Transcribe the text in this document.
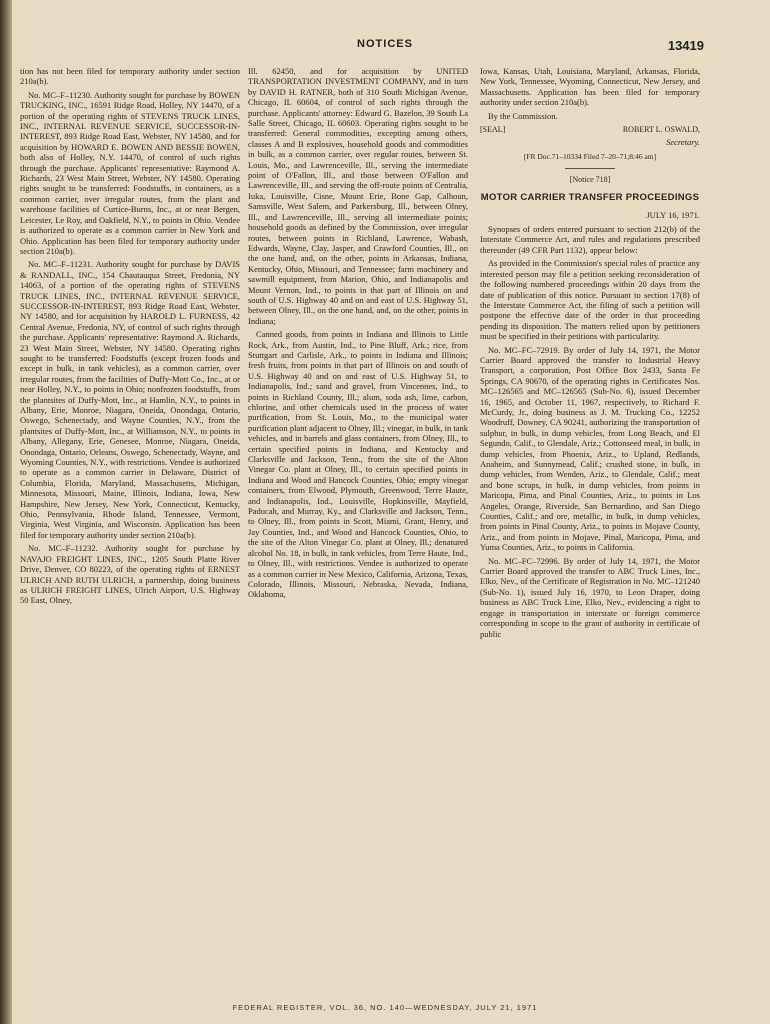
NOTICES	13419

tion has not been filed for temporary authority under section 210a(b).

No. MC–F–11230. Authority sought for purchase by BOWEN TRUCKING, INC., 16591 Ridge Road, Holley, NY 14470, of a portion of the operating rights of STEVENS TRUCK LINES, INC., INTERNAL REVENUE SERVICE, SUCCESSOR-IN-INTEREST, 893 Ridge Road East, Webster, NY 14580, and for acquisition by HOWARD E. BOWEN AND BESSIE BOWEN, both also of Holley, N.Y. 14470, of control of such rights through the purchase. Applicants' representative: Raymond A. Richards, 23 West Main Street, Webster, NY 14580. Operating rights sought to be transferred: Foodstuffs, in containers, as a common carrier, over irregular routes, from the plant and warehouse facilities of Curtice-Burns, Inc., at or near Bergen, Leicester, Le Roy, and Oakfield, N.Y., to points in Ohio. Vendee is authorized to operate as a common carrier in New York and Ohio. Application has been filed for temporary authority under section 210a(b).

No. MC–F–11231. Authority sought for purchase by DAVIS & RANDALL, INC., 154 Chautauqua Street, Fredonia, NY 14063, of a portion of the operating rights of STEVENS TRUCK LINES, INC., INTERNAL REVENUE SERVICE, SUCCESSOR-IN-INTEREST, 893 Ridge Road East, Webster, NY 14580, and for acquisition by HAROLD L. FURNESS, 42 Central Avenue, Fredonia, NY, of control of such rights through the purchase. Applicants' representative: Raymond A. Richards, 23 West Main Street, Webster, NY 14580. Operating rights sought to be transferred: Foodstuffs (except frozen foods and except in bulk, in tank vehicles), as a common carrier, over irregular routes, from the facilities of Duffy-Mott Co., Inc., at or near Holley, N.Y., to points in Ohio; nonfrozen foodstuffs, from the plantsites of Duffy-Mott, Inc., at Hamlin, N.Y., to points in Albany, Erie, Monroe, Niagara, Oneida, Onondaga, Ontario, Oswego, Schenectady, and Wayne Counties, N.Y., from the plantsites of Duffy-Mott, Inc., at Williamson, N.Y., to points in Albany, Allegany, Erie, Genesee, Monroe, Niagara, Oneida, Onondaga, Ontario, Orleans, Oswego, Schenectady, Wayne, and Wyoming Counties, N.Y., with restrictions. Vendee is authorized to operate as a common carrier in Delaware, District of Columbia, Florida, Maryland, Massachusetts, Michigan, Minnesota, Missouri, Maine, Illinois, Indiana, Iowa, New Hampshire, New Jersey, New York, Connecticut, Kentucky, Ohio, Pennsylvania, Rhode Island, Tennessee, Vermont, Virginia, West Virginia, and Wisconsin. Application has been filed for temporary authority under section 210a(b).

No. MC–F–11232. Authority sought for purchase by NAVAJO FREIGHT LINES, INC., 1205 South Platte River Drive, Denver, CO 80223, of the operating rights of ERNEST ULRICH AND RUTH ULRICH, a partnership, doing business as ULRICH FREIGHT LINES, Ulrich Airport, U.S. Highway 50 East, Olney,

Ill. 62450, and for acquisition by UNITED TRANSPORTATION INVESTMENT COMPANY, and in turn by DAVID H. RATNER, both of 310 South Michigan Avenue, Chicago, IL 60604, of control of such rights through the purchase. Applicants' attorney: Edward G. Bazelon, 39 South La Salle Street, Chicago, IL 60603. Operating rights sought to be transferred: General commodities, excepting among others, classes A and B explosives, household goods and commodities in bulk, as a common carrier, over regular routes, between St. Louis, Mo., and Lawrenceville, Ill., serving the intermediate point of O'Fallon, Ill., and those between O'Fallon and Lawrenceville, Ill., and serving the off-route points of Centralia, Iuka, Louisville, Cisne, Mount Erie, Bone Gap, Calhoun, Samsville, West Salem, and Parkersburg, Ill., between Olney, Ill., and Lawrenceville, Ill., serving all intermediate points; household goods as defined by the Commission, over irregular routes, between points in Richland, Lawrence, Wabash, Edwards, Wayne, Clay, Jasper, and Crawford Counties, Ill., on the one hand, and, on the other, points in Arkansas, Indiana, Kentucky, Ohio, Missouri, and Tennessee; farm machinery and sawmill equipment, from Marion, Ohio, and Indianapolis and Mount Vernon, Ind., to points in that part of Illinois on and south of U.S. Highway 40 and on and east of U.S. Highway 51, between Olney, Ill., on the one hand, and, on the other, points in Indiana;

Canned goods, from points in Indiana and Illinois to Little Rock, Ark., from Austin, Ind., to Pine Bluff, Ark.; rice, from Stuttgart and Carlisle, Ark., to points in Indiana and Illinois; fresh fruits, from points in that part of Illinois on and south of U.S. Highway 40 and on and east of U.S. Highway 51, to Indianapolis, Ind.; sand and gravel, from Vincennes, Ind., to points in Richland County, Ill.; alum, soda ash, lime, carbon, chlorine, and other chemicals used in the process of water purification, from St. Louis, Mo., to the municipal water purification plant adjacent to Olney, Ill.; vinegar, in bulk, in tank vehicles, and in barrels and glass containers, from Olney, Ill., to certain specified points in Indiana, and Kentucky and Clarksville and Jackson, Tenn., from the site of the Alton Vinegar Co. plant at Olney, Ill., to certain specified points in Indiana and Wood and Hancock Counties, Ohio; empty vinegar containers, from Elwood, Plymouth, Greenwood, Terre Haute, and Indianapolis, Ind., Louisville, Hopkinsville, Mayfield, Paducah, and Murray, Ky., and Clarksville and Jackson, Tenn., to Olney, Ill., from points in Scott, Miami, Grant, Henry, and Jay Counties, Ind., and Wood and Hancock Counties, Ohio, to the site of the Alton Vinegar Co. plant at Olney, Ill.; denatured alcohol No. 18, in bulk, in tank vehicles, from Terre Haute, Ind., to Olney, Ill., with restrictions. Vendee is authorized to operate as a common carrier in New Mexico, California, Arizona, Texas, Colorado, Illinois, Missouri, Nebraska, Nevada, Indiana, Oklahoma,

Iowa, Kansas, Utah, Louisiana, Maryland, Arkansas, Florida, New York, Tennessee, Wyoming, Connecticut, New Jersey, and Massachusetts. Application has been filed for temporary authority under section 210a(b).

By the Commission.

[SEAL]	ROBERT L. OSWALD,
Secretary.
[FR Doc.71–10334 Filed 7–20–71;8:46 am]
[Notice 718]
MOTOR CARRIER TRANSFER PROCEEDINGS
JULY 16, 1971.

Synopses of orders entered pursuant to section 212(b) of the Interstate Commerce Act, and rules and regulations prescribed thereunder (49 CFR Part 1132), appear below:

As provided in the Commission's special rules of practice any interested person may file a petition seeking reconsideration of the following numbered proceedings within 20 days from the date of publication of this notice. Pursuant to section 17(8) of the Interstate Commerce Act, the filing of such a petition will postpone the effective date of the order in that proceeding pending its disposition. The matters relied upon by petitioners must be specified in their petitions with particularity.

No. MC–FC–72919. By order of July 14, 1971, the Motor Carrier Board approved the transfer to Industrial Heavy Transport, a corporation, Post Office Box 2433, Santa Fe Springs, CA 90670, of the operating rights in Certificates Nos. MC–126565 and MC–126565 (Sub-No. 6), issued December 16, 1965, and October 11, 1967, respectively, to Richard F. McCurdy, Jr., doing business as J. M. Trucking Co., 12252 Woodruff, Downey, CA 90241, authorizing the transportation of sulphur, in bulk, in dump vehicles, from Long Beach, and El Segundo, Calif., to Glendale, Ariz.; Cottonseed meal, in bulk, in dump vehicles, from Phoenix, Ariz., to Upland, Redlands, Anaheim, and Sunnymead, Calif.; crushed stone, in bulk, in dump vehicles, from Wenden, Ariz., to Glendale, Calif.; meat and bone scraps, in bulk, in dump vehicles, from points in Maricopa, Pima, and Pinal Counties, Ariz., to points in Los Angeles, Orange, Riverside, San Bernardino, and San Diego Counties, Calif.; and ore, metallic, in bulk, in dump vehicles, from points in Pinal County, Ariz., to points in Mojave County, Ariz., and from points in Mojave, Pinal, Maricopa, Pima, and Yuma Counties, Ariz., to points in California.

No. MC–FC–72996. By order of July 14, 1971, the Motor Carrier Board approved the transfer to ABC Truck Lines, Inc., Elko, Nev., of the Certificate of Registration in No. MC–121240 (Sub-No. 1), issued July 16, 1970, to Leon Draper, doing business as ABC Truck Line, Elko, Nev., evidencing a right to engage in transportation in interstate or foreign commerce corresponding in scope to the grant of authority in certificate of public

FEDERAL REGISTER, VOL. 36, NO. 140—WEDNESDAY, JULY 21, 1971
